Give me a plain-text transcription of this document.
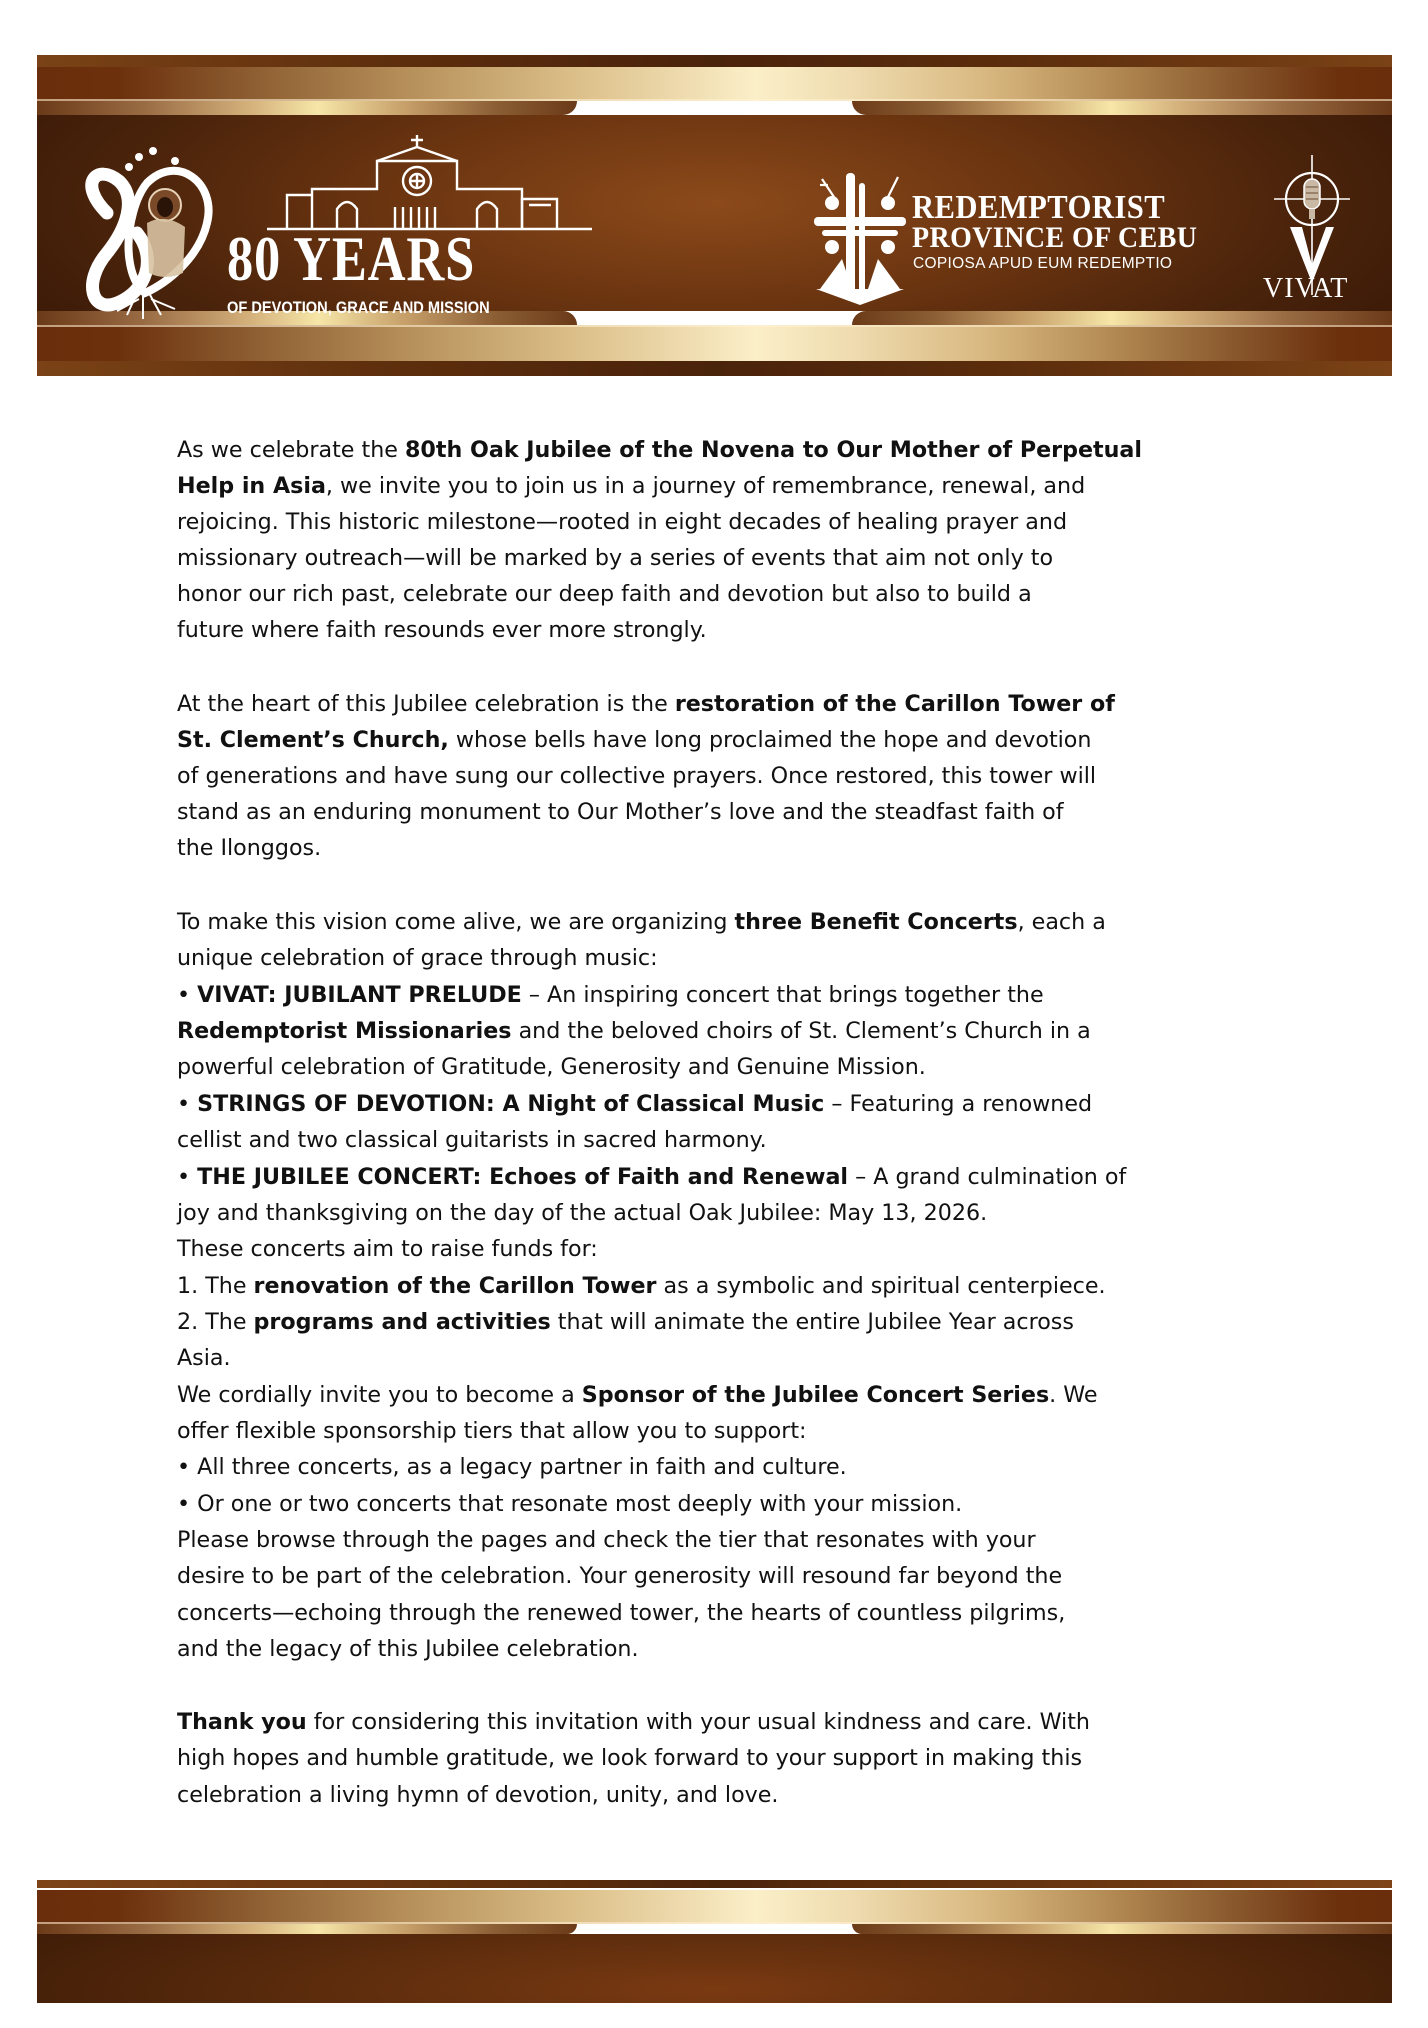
80 YEARS
OF DEVOTION, GRACE AND MISSION
REDEMPTORIST
PROVINCE OF CEBU
COPIOSA APUD EUM REDEMPTIO
VIVAT
As we celebrate the 80th Oak Jubilee of the Novena to Our Mother of Perpetual
Help in Asia, we invite you to join us in a journey of remembrance, renewal, and
rejoicing. This historic milestone—rooted in eight decades of healing prayer and
missionary outreach—will be marked by a series of events that aim not only to
honor our rich past, celebrate our deep faith and devotion but also to build a
future where faith resounds ever more strongly.
At the heart of this Jubilee celebration is the restoration of the Carillon Tower of
St. Clement’s Church, whose bells have long proclaimed the hope and devotion
of generations and have sung our collective prayers. Once restored, this tower will
stand as an enduring monument to Our Mother’s love and the steadfast faith of
the Ilonggos.
To make this vision come alive, we are organizing three Benefit Concerts, each a
unique celebration of grace through music:
• VIVAT: JUBILANT PRELUDE – An inspiring concert that brings together the
Redemptorist Missionaries and the beloved choirs of St. Clement’s Church in a
powerful celebration of Gratitude, Generosity and Genuine Mission.
• STRINGS OF DEVOTION: A Night of Classical Music – Featuring a renowned
cellist and two classical guitarists in sacred harmony.
• THE JUBILEE CONCERT: Echoes of Faith and Renewal – A grand culmination of
joy and thanksgiving on the day of the actual Oak Jubilee: May 13, 2026.
These concerts aim to raise funds for:
1. The renovation of the Carillon Tower as a symbolic and spiritual centerpiece.
2. The programs and activities that will animate the entire Jubilee Year across
Asia.
We cordially invite you to become a Sponsor of the Jubilee Concert Series. We
offer flexible sponsorship tiers that allow you to support:
• All three concerts, as a legacy partner in faith and culture.
• Or one or two concerts that resonate most deeply with your mission.
Please browse through the pages and check the tier that resonates with your
desire to be part of the celebration. Your generosity will resound far beyond the
concerts—echoing through the renewed tower, the hearts of countless pilgrims,
and the legacy of this Jubilee celebration.
Thank you for considering this invitation with your usual kindness and care. With
high hopes and humble gratitude, we look forward to your support in making this
celebration a living hymn of devotion, unity, and love.
